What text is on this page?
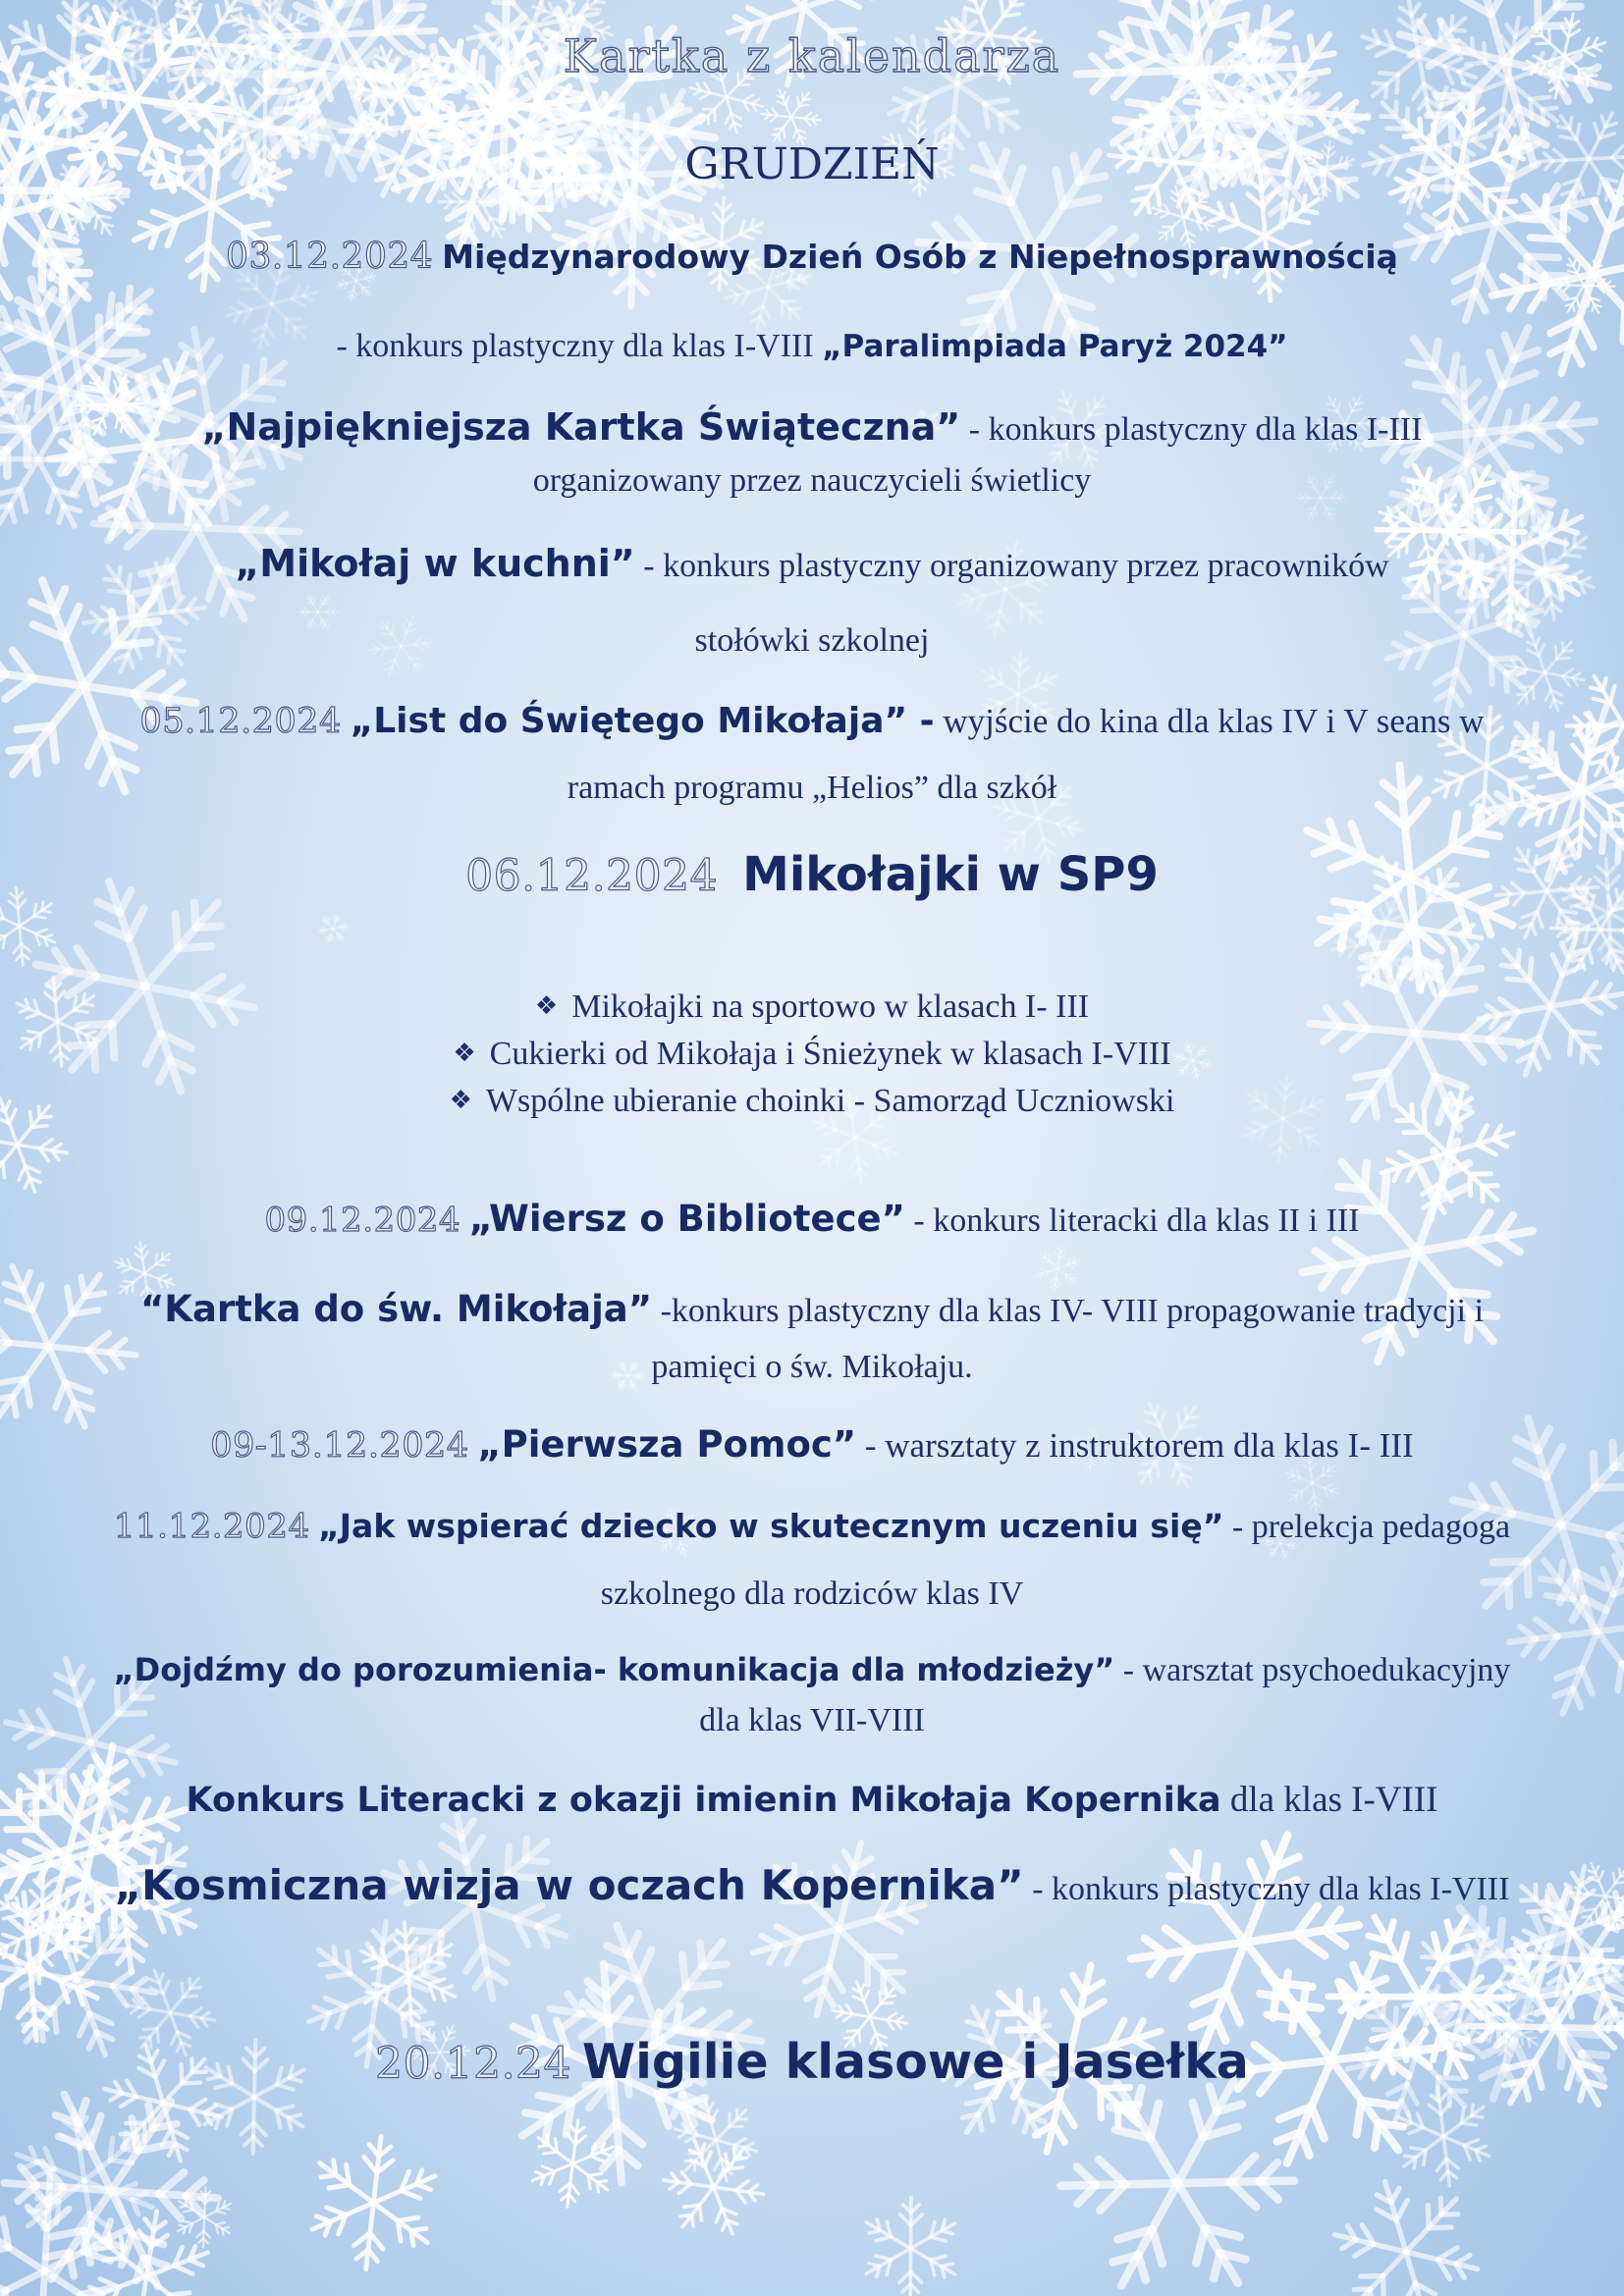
Kartka z kalendarza
GRUDZIEŃ
03.12.2024 Międzynarodowy Dzień Osób z Niepełnosprawnością
- konkurs plastyczny dla klas I-VIII „Paralimpiada Paryż 2024”
„Najpiękniejsza Kartka Świąteczna” - konkurs plastyczny dla klas I-III
organizowany przez nauczycieli świetlicy
„Mikołaj w kuchni” - konkurs plastyczny organizowany przez pracowników
stołówki szkolnej
05.12.2024 „List do Świętego Mikołaja” - wyjście do kina dla klas IV i V seans w
ramach programu „Helios” dla szkół
06.12.2024 Mikołajki w SP9
❖ Mikołajki na sportowo w klasach I- III
❖ Cukierki od Mikołaja i Śnieżynek w klasach I-VIII
❖ Wspólne ubieranie choinki - Samorząd Uczniowski
09.12.2024 „Wiersz o Bibliotece” - konkurs literacki dla klas II i III
“Kartka do św. Mikołaja” -konkurs plastyczny dla klas IV- VIII propagowanie tradycji i
pamięci o św. Mikołaju.
09-13.12.2024 „Pierwsza Pomoc” - warsztaty z instruktorem dla klas I- III
11.12.2024 „Jak wspierać dziecko w skutecznym uczeniu się” - prelekcja pedagoga
szkolnego dla rodziców klas IV
„Dojdźmy do porozumienia- komunikacja dla młodzieży” - warsztat psychoedukacyjny
dla klas VII-VIII
Konkurs Literacki z okazji imienin Mikołaja Kopernika dla klas I-VIII
„Kosmiczna wizja w oczach Kopernika” - konkurs plastyczny dla klas I-VIII
20.12.24 Wigilie klasowe i Jasełka
